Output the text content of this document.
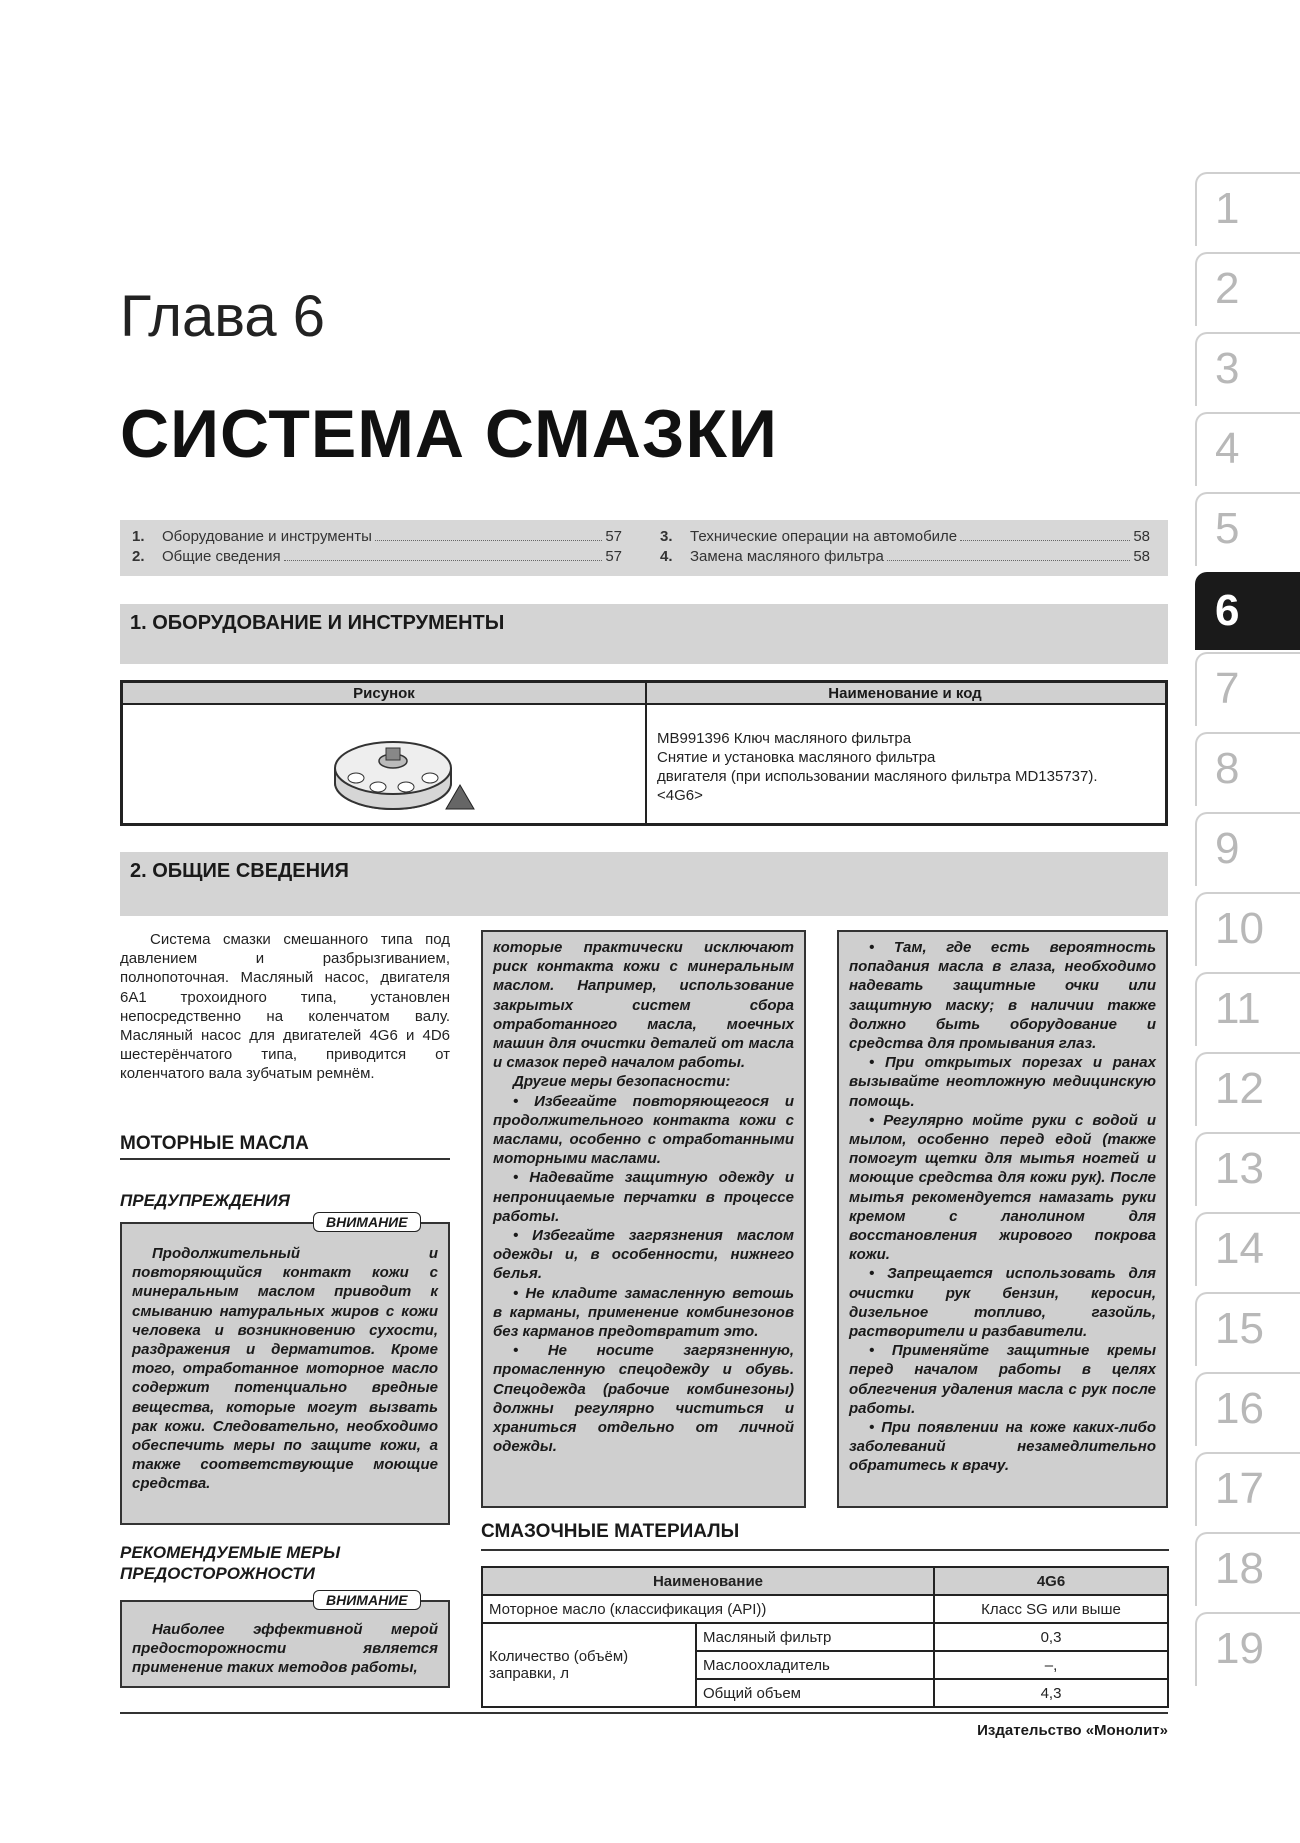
1
2
3
4
5
6
7
8
9
10
11
12
13
14
15
16
17
18
19
Глава 6
СИСТЕМА СМАЗКИ
1.	Оборудование и инструменты	57
2.	Общие сведения	57
3.	Технические операции на автомобиле	58
4.	Замена масляного фильтра	58
1. ОБОРУДОВАНИЕ И ИНСТРУМЕНТЫ
Рисунок	Наименование и код
MB991396 Ключ масляного фильтра
Снятие и установка масляного фильтра
двигателя (при использовании масляного фильтра MD135737).
<4G6>
2. ОБЩИЕ СВЕДЕНИЯ
Система смазки смешанного типа под давлением и разбрызгиванием, полнопоточная. Масляный насос, двигателя 6A1 трохоидного типа, установлен непосредственно на коленчатом валу. Масляный насос для двигателей 4G6 и 4D6 шестерёнчатого типа, приводится от коленчатого вала зубчатым ремнём.
МОТОРНЫЕ МАСЛА
ПРЕДУПРЕЖДЕНИЯ

Продолжительный и повторяющийся контакт кожи с минеральным маслом приводит к смыванию натуральных жиров с кожи человека и возникновению сухости, раздражения и дерматитов. Кроме того, отработанное моторное масло содержит потенциально вредные вещества, которые могут вызвать рак кожи. Следовательно, необходимо обеспечить меры по защите кожи, а также соответствующие моющие средства.

ВНИМАНИЕ
РЕКОМЕНДУЕМЫЕ МЕРЫ ПРЕДОСТОРОЖНОСТИ

Наиболее эффективной мерой предосторожности является применение таких методов работы,

ВНИМАНИЕ

которые практически исключают риск контакта кожи с минеральным маслом. Например, использование закрытых систем сбора отработанного масла, моечных машин для очистки деталей от масла и смазок перед началом работы.

Другие меры безопасности:

• Избегайте повторяющегося и продолжительного контакта кожи с маслами, особенно с отработанными моторными маслами.

• Надевайте защитную одежду и непроницаемые перчатки в процессе работы.

• Избегайте загрязнения маслом одежды и, в особенности, нижнего белья.

• Не кладите замасленную ветошь в карманы, применение комбинезонов без карманов предотвратит это.

• Не носите загрязненную, промасленную спецодежду и обувь. Спецодежда (рабочие комбинезоны) должны регулярно чиститься и храниться отдельно от личной одежды.

• Там, где есть вероятность попадания масла в глаза, необходимо надевать защитные очки или защитную маску; в наличии также должно быть оборудование и средства для промывания глаз.

• При открытых порезах и ранах вызывайте неотложную медицинскую помощь.

• Регулярно мойте руки с водой и мылом, особенно перед едой (также помогут щетки для мытья ногтей и моющие средства для кожи рук). После мытья рекомендуется намазать руки кремом с ланолином для восстановления жирового покрова кожи.

• Запрещается использовать для очистки рук бензин, керосин, дизельное топливо, газойль, растворители и разбавители.

• Применяйте защитные кремы перед началом работы в целях облегчения удаления масла с рук после работы.

• При появлении на коже каких-либо заболеваний незамедлительно обратитесь к врачу.

СМАЗОЧНЫЕ МАТЕРИАЛЫ
Наименование		4G6
Моторное масло (классификация (API))		Класс SG или выше
Количество (объём) заправки, л	Масляный фильтр	0,3
	Маслоохладитель	–,
	Общий объем	4,3
Издательство «Монолит»
